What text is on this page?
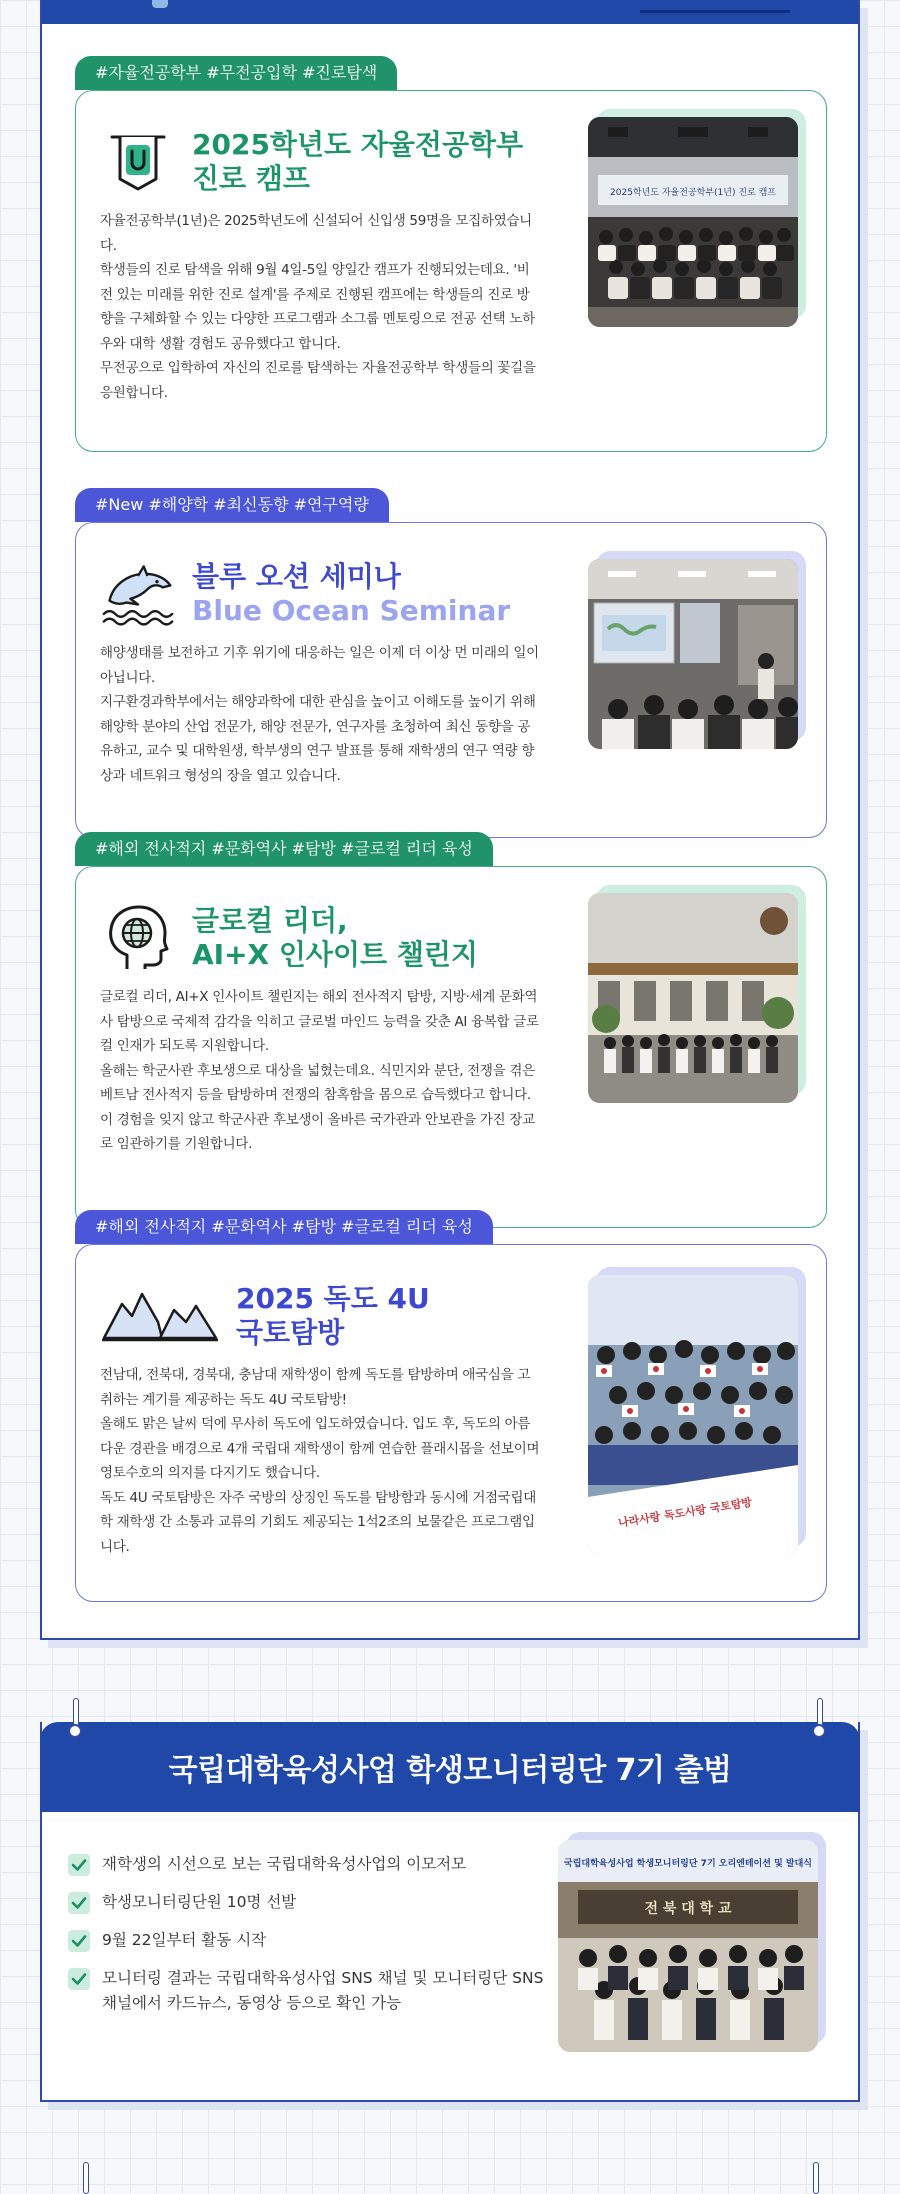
#자율전공학부 #무전공입학 #진로탐색
2025학년도 자율전공학부
진로 캠프

자율전공학부(1년)은 2025학년도에 신설되어 신입생 59명을 모집하였습니다.

학생들의 진로 탐색을 위해 9월 4일-5일 양일간 캠프가 진행되었는데요. '비전 있는 미래를 위한 진로 설계'를 주제로 진행된 캠프에는 학생들의 진로 방향을 구체화할 수 있는 다양한 프로그램과 소그룹 멘토링으로 전공 선택 노하우와 대학 생활 경험도 공유했다고 합니다.

무전공으로 입학하여 자신의 진로를 탐색하는 자율전공학부 학생들의 꽃길을 응원합니다.

2025학년도 자율전공학부(1년) 진로 캠프
#New #해양학 #최신동향 #연구역량
블루 오션 세미나
Blue Ocean Seminar

해양생태를 보전하고 기후 위기에 대응하는 일은 이제 더 이상 먼 미래의 일이 아닙니다.

지구환경과학부에서는 해양과학에 대한 관심을 높이고 이해도를 높이기 위해 해양학 분야의 산업 전문가, 해양 전문가, 연구자를 초청하여 최신 동향을 공유하고, 교수 및 대학원생, 학부생의 연구 발표를 통해 재학생의 연구 역량 향상과 네트워크 형성의 장을 열고 있습니다.

#해외 전사적지 #문화역사 #탐방 #글로컬 리더 육성
글로컬 리더,
AI+X 인사이트 챌린지

글로컬 리더, AI+X 인사이트 챌린지는 해외 전사적지 탐방, 지방·세계 문화역사 탐방으로 국제적 감각을 익히고 글로벌 마인드 능력을 갖춘 AI 융복합 글로컬 인재가 되도록 지원합니다.

올해는 학군사관 후보생으로 대상을 넓혔는데요. 식민지와 분단, 전쟁을 겪은 베트남 전사적지 등을 탐방하며 전쟁의 참혹함을 몸으로 습득했다고 합니다. 이 경험을 잊지 않고 학군사관 후보생이 올바른 국가관과 안보관을 가진 장교로 임관하기를 기원합니다.

#해외 전사적지 #문화역사 #탐방 #글로컬 리더 육성
2025 독도 4U
국토탐방

전남대, 전북대, 경북대, 충남대 재학생이 함께 독도를 탐방하며 애국심을 고취하는 계기를 제공하는 독도 4U 국토탐방!

올해도 맑은 날씨 덕에 무사히 독도에 입도하였습니다. 입도 후, 독도의 아름다운 경관을 배경으로 4개 국립대 재학생이 함께 연습한 플래시몹을 선보이며 영토수호의 의지를 다지기도 했습니다.

독도 4U 국토탐방은 자주 국방의 상징인 독도를 탐방함과 동시에 거점국립대학 재학생 간 소통과 교류의 기회도 제공되는 1석2조의 보물같은 프로그램입니다.

나라사랑 독도사랑 국토탐방
국립대학육성사업 학생모니터링단 7기 출범
재학생의 시선으로 보는 국립대학육성사업의 이모저모
학생모니터링단원 10명 선발
9월 22일부터 활동 시작
모니터링 결과는 국립대학육성사업 SNS 채널 및 모니터링단 SNS 채널에서 카드뉴스, 동영상 등으로 확인 가능
국립대학육성사업 학생모니터링단 7기 오리엔테이션 및 발대식
전 북 대 학 교
